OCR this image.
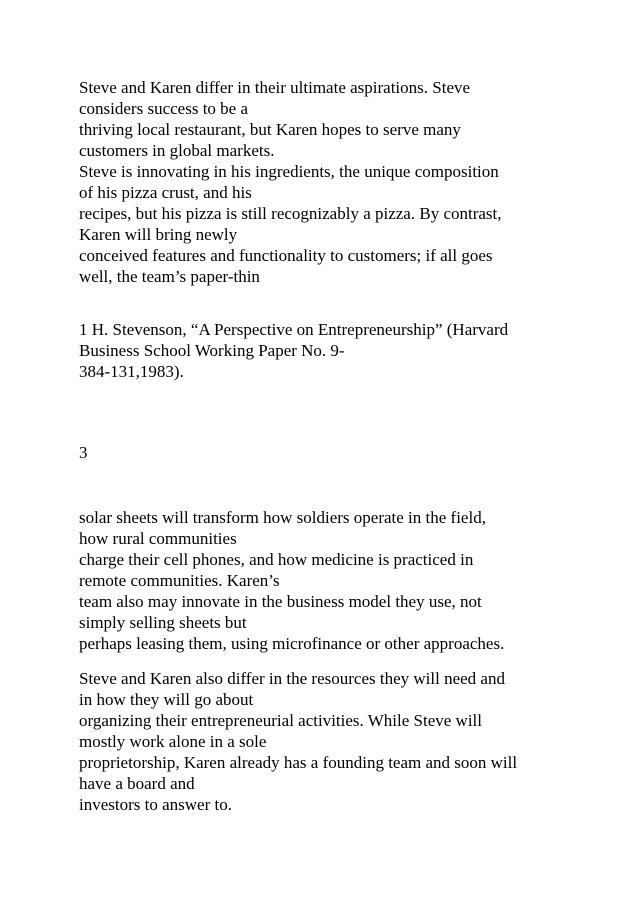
Steve and Karen differ in their ultimate aspirations. Steve
considers success to be a
thriving local restaurant, but Karen hopes to serve many
customers in global markets.
Steve is innovating in his ingredients, the unique composition
of his pizza crust, and his
recipes, but his pizza is still recognizably a pizza. By contrast,
Karen will bring newly
conceived features and functionality to customers; if all goes
well, the team’s paper-thin
1 H. Stevenson, “A Perspective on Entrepreneurship” (Harvard
Business School Working Paper No. 9-
384-131,1983).
3
solar sheets will transform how soldiers operate in the field,
how rural communities
charge their cell phones, and how medicine is practiced in
remote communities. Karen’s
team also may innovate in the business model they use, not
simply selling sheets but
perhaps leasing them, using microfinance or other approaches.
Steve and Karen also differ in the resources they will need and
in how they will go about
organizing their entrepreneurial activities. While Steve will
mostly work alone in a sole
proprietorship, Karen already has a founding team and soon will
have a board and
investors to answer to.
